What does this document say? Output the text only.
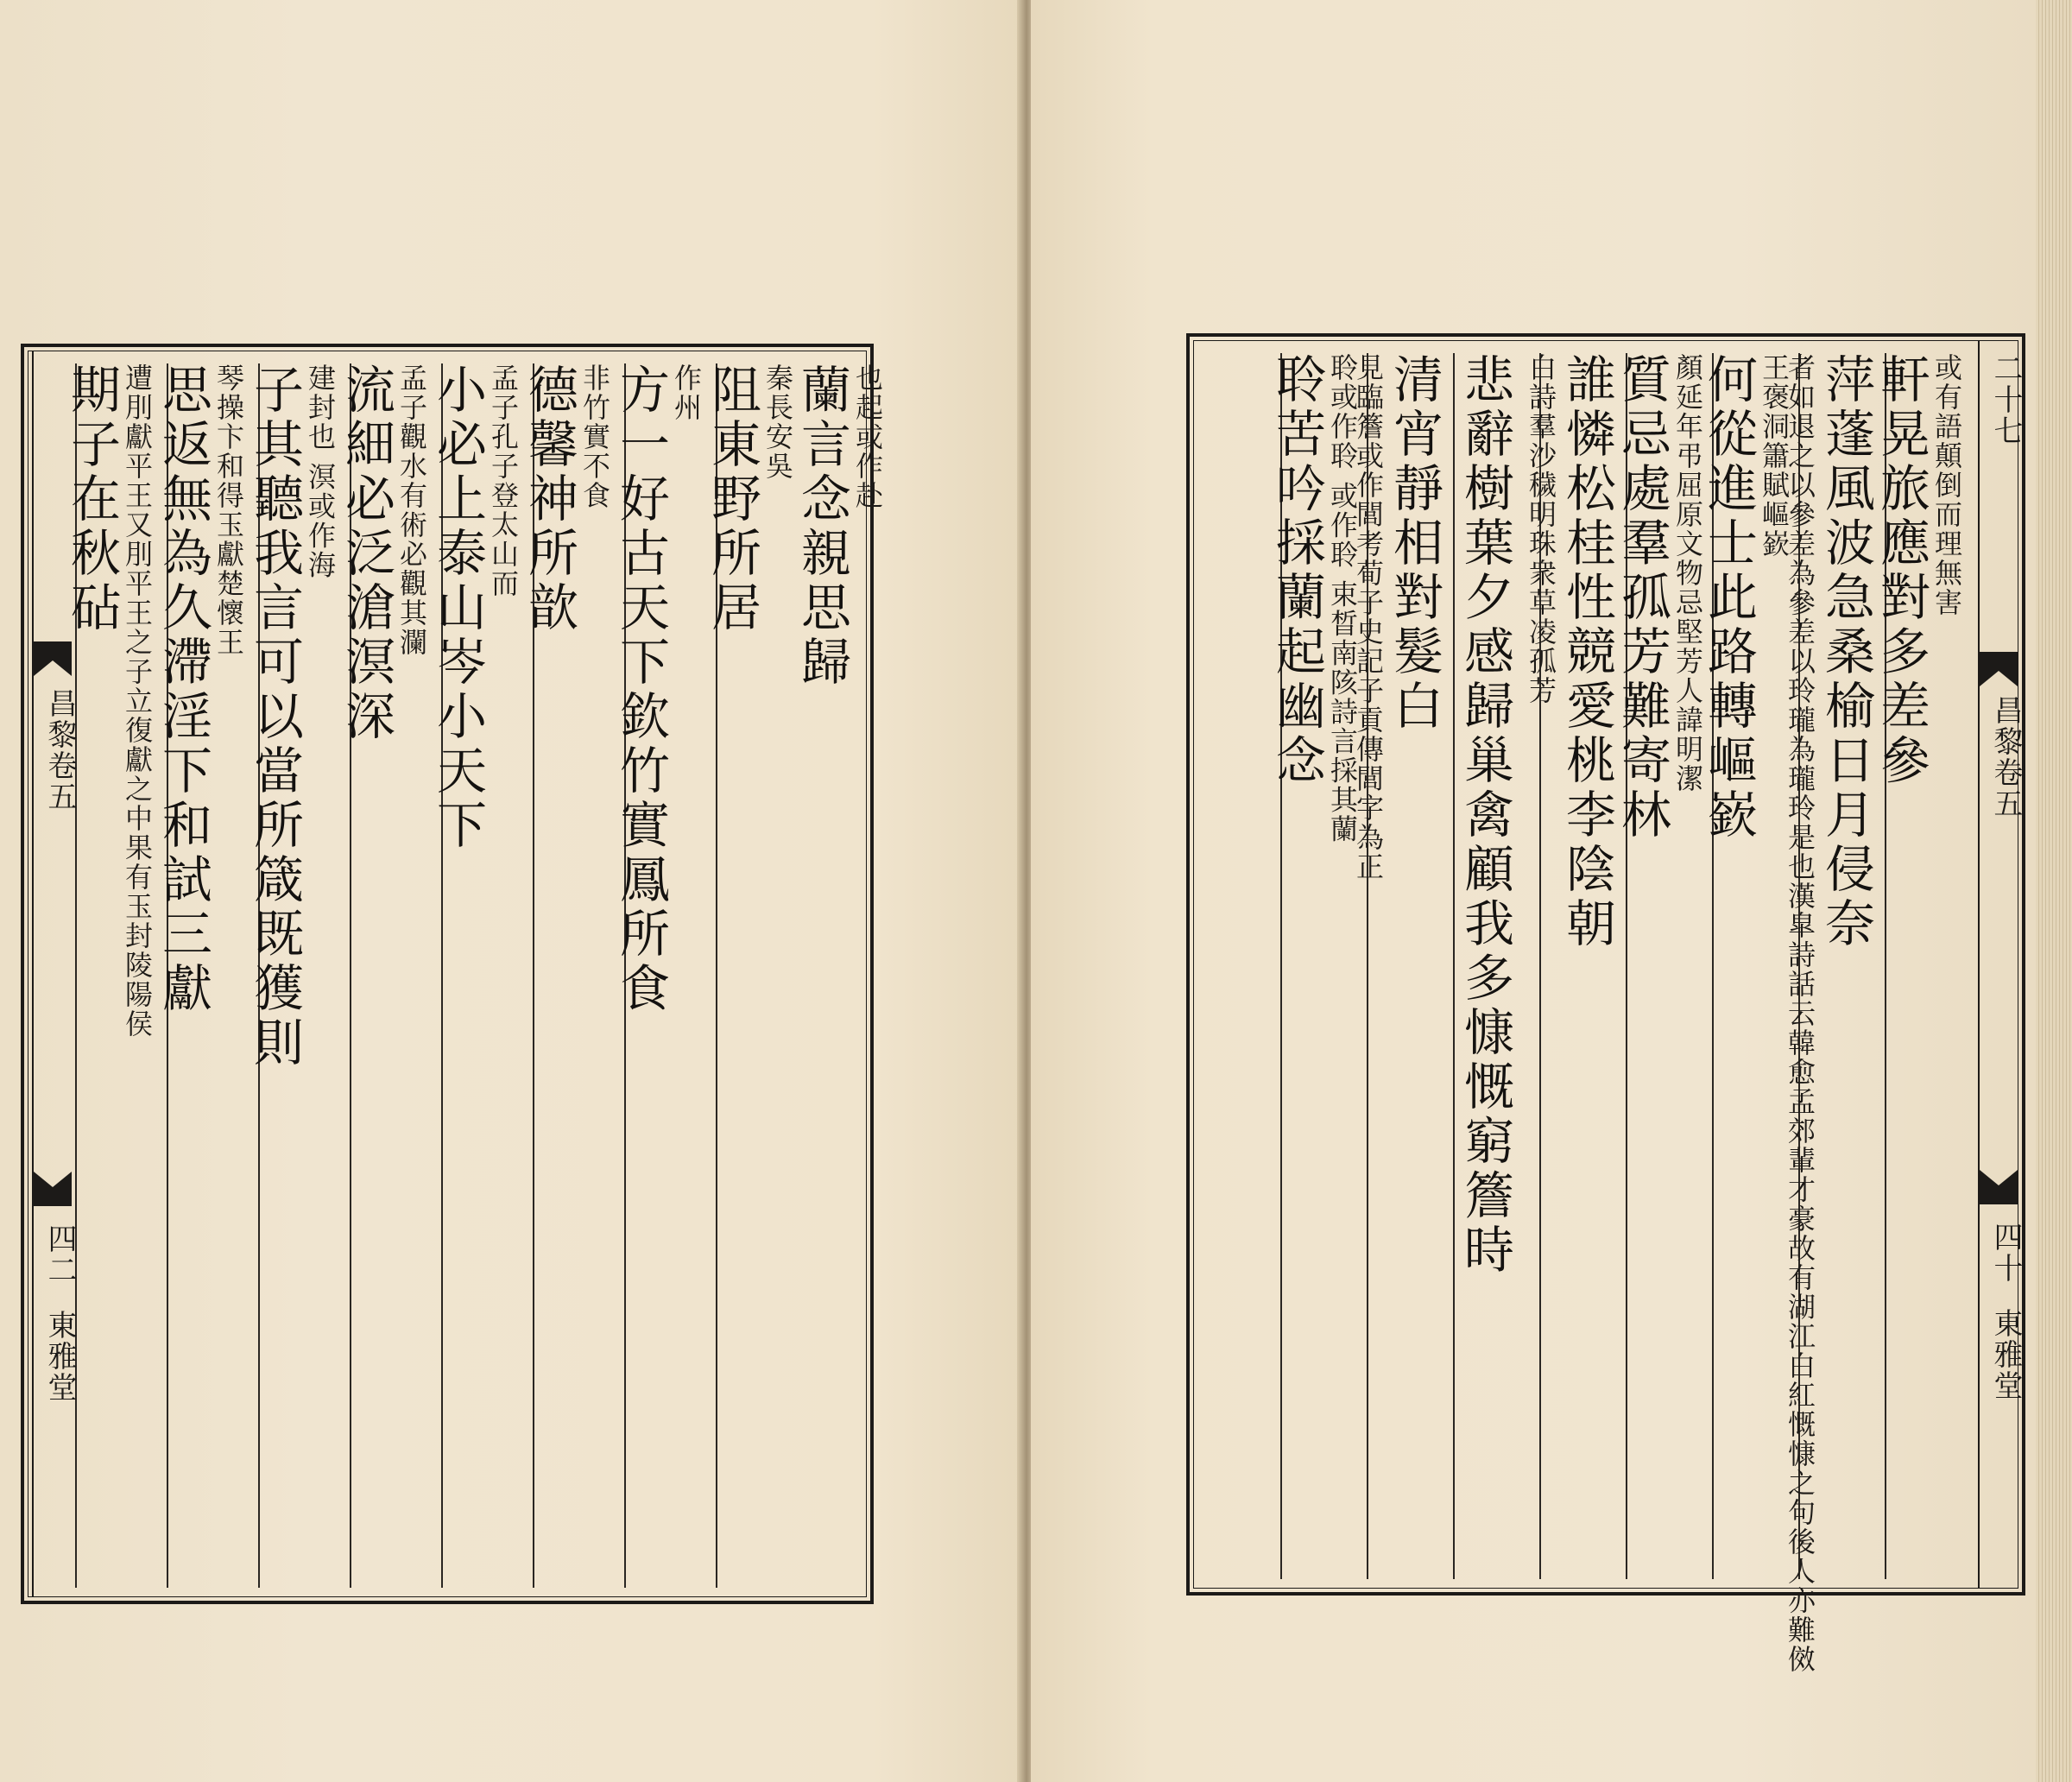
蘭言念親思歸 也起或作赴
阻東野所居 秦長安吳
方一好古天下欽竹實鳳所食 作州
德馨神所歆 非竹實不食
小必上泰山岑小天下 孟子孔子登太山而
流細必泛滄溟深 孟子觀水有術必觀其瀾
子其聽我言可以當所箴既獲則 建封也 溟或作海
思返無為久滯淫下和試三獻 琴操卞和得玉獻楚懷王
期子在秋砧 遭刖獻平王又刖平王之子立復獻之中果有玉封陵陽侯
昌黎卷五
四二
東雅堂
二十七
昌黎卷五
四十
東雅堂
軒晃旅應對多差參 或有語顛倒而理無害
者如退之以參差為參差以玲瓏為瓏玲是也漢皐詩話云韓愈孟郊輩才豪故有湖江白紅慨慷之句後人亦難傚 萍蓬風波急桑榆日月侵奈
何從進士此路轉嶇嶔 王褒洞簫賦嶇嶔
質忌處羣孤芳難寄林 顏延年弔屈原文物忌堅芳人諱明潔
白詩羣沙穢明珠衆草凌孤芳 誰憐松桂性競愛桃李陰朝
悲辭樹葉夕感歸巢禽顧我多慷慨窮簷時
見臨簷或作閭考荀子史記子貢傳閭字為正 清宵靜相對髮白
聆苦吟採蘭起幽念 聆或作聆 或作聆 束晳南陔詩言採其蘭
